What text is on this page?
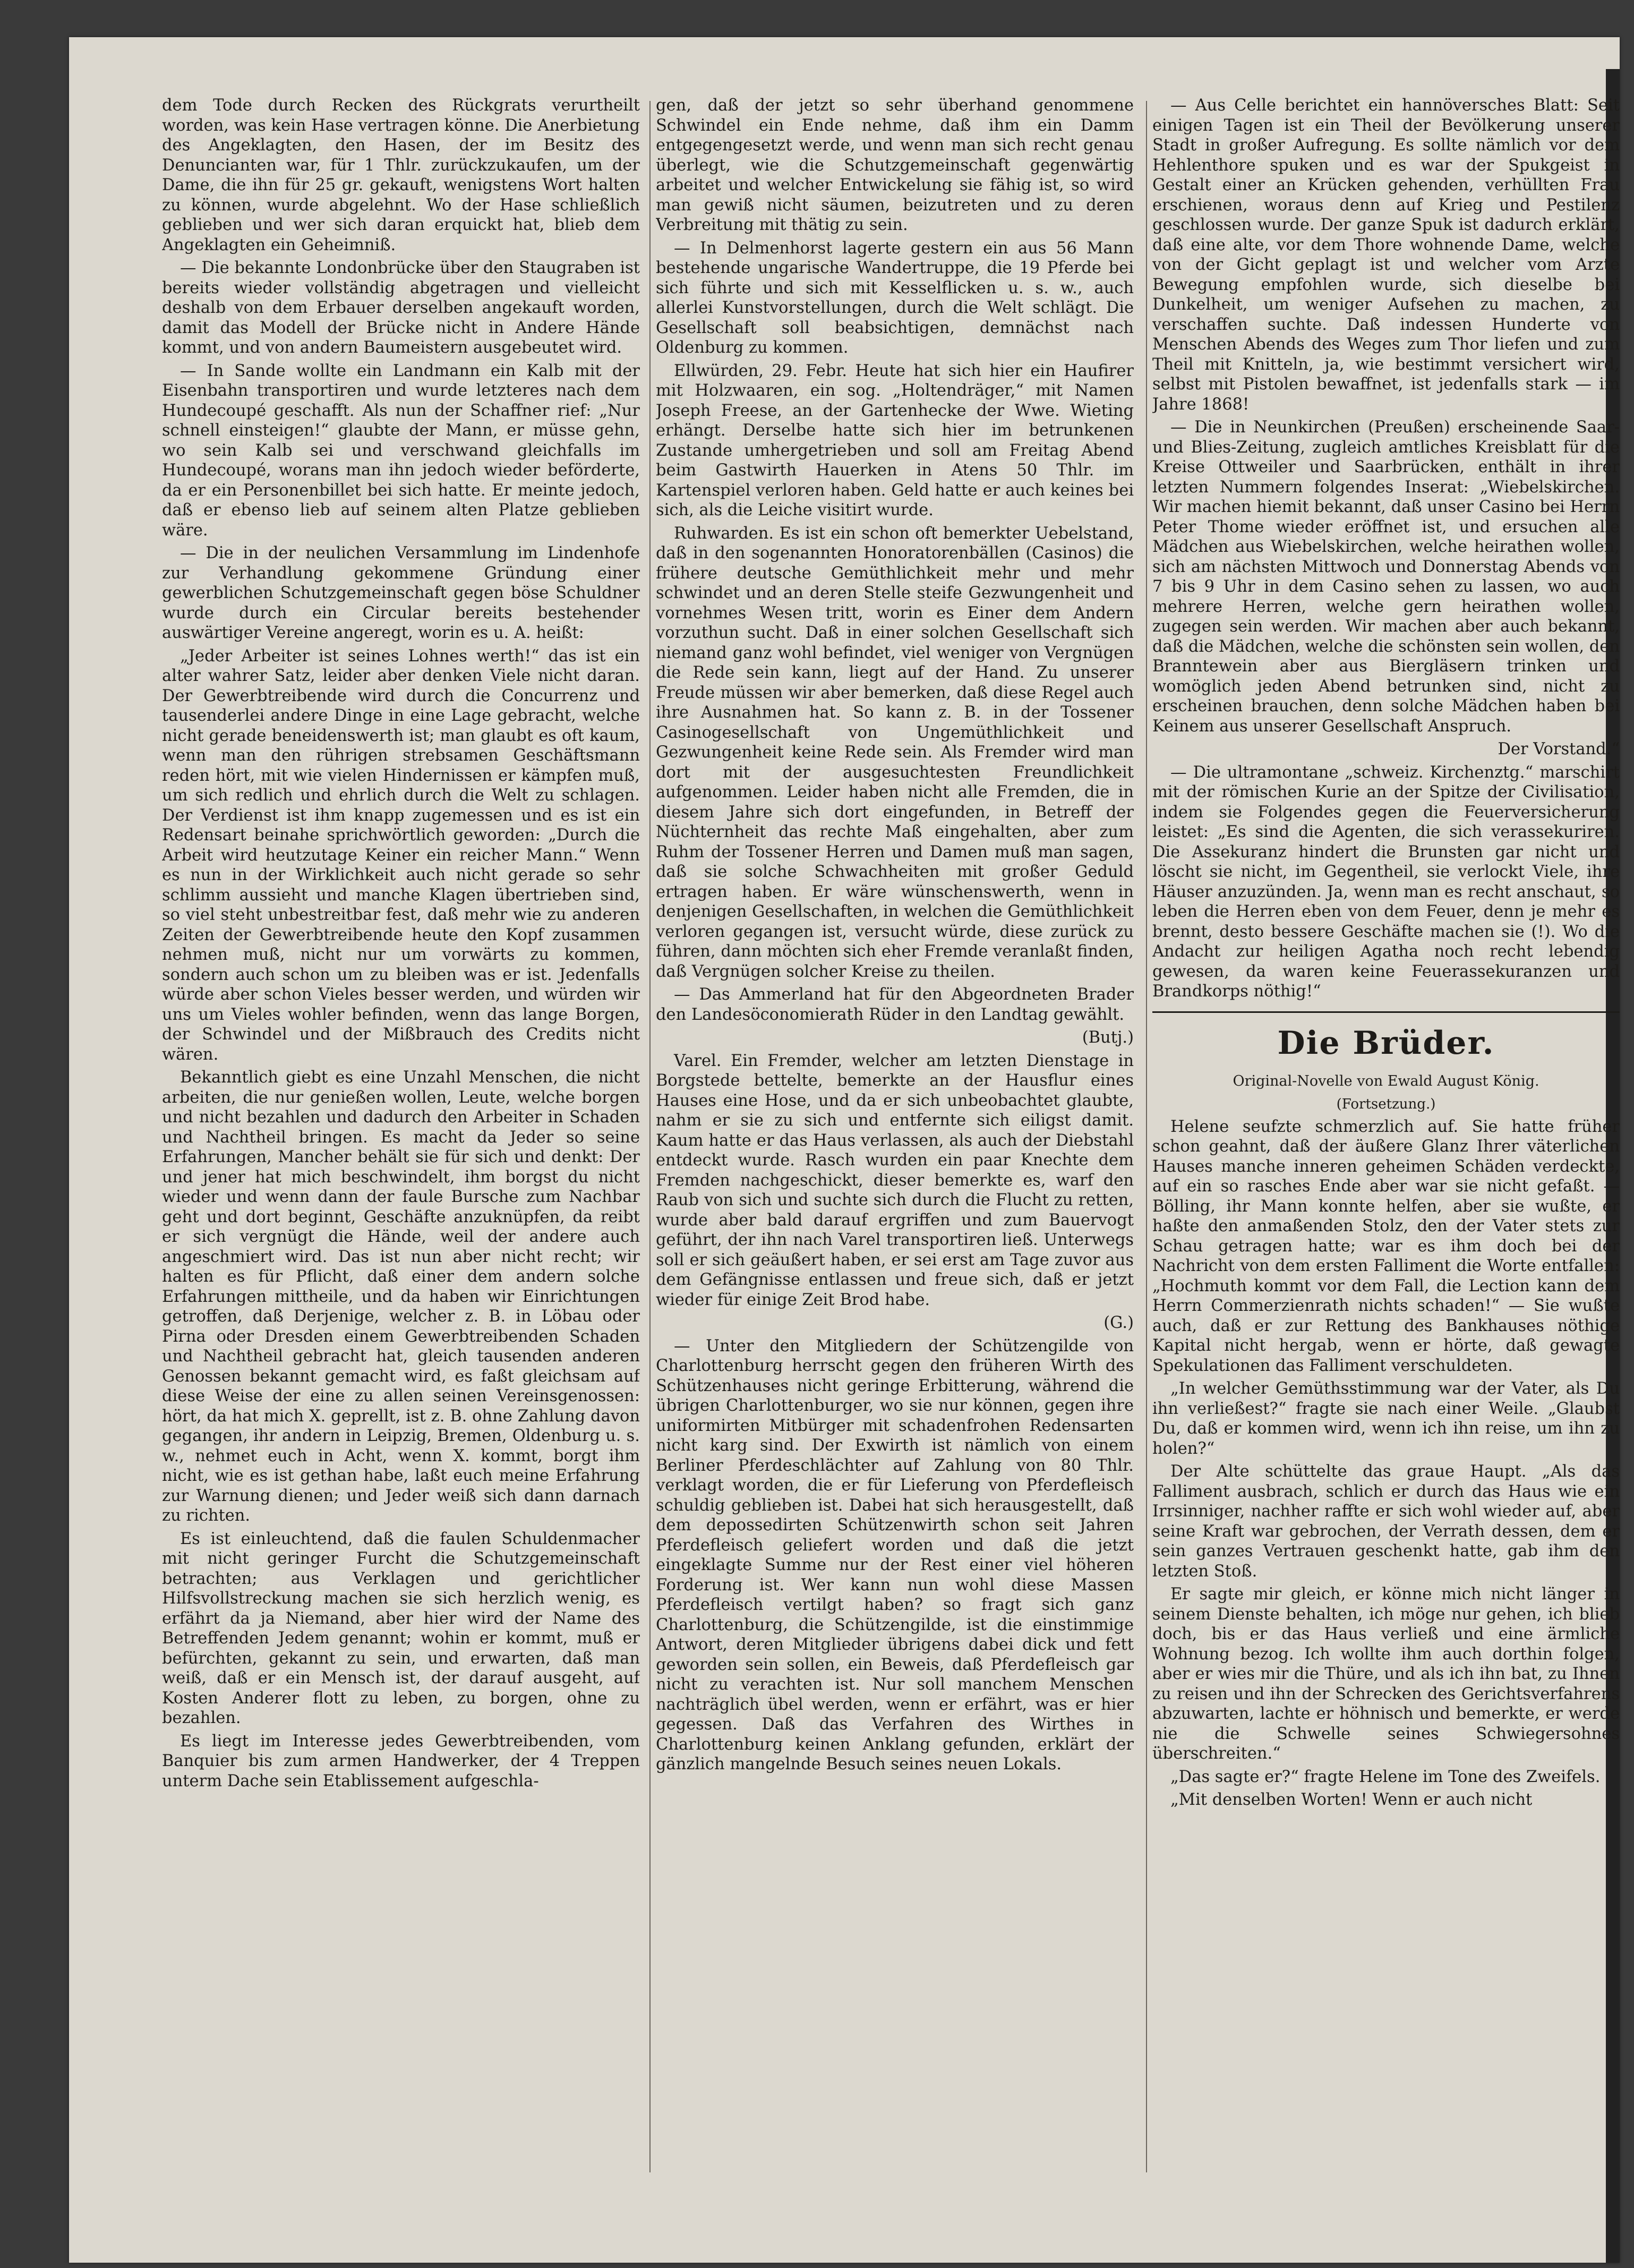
dem Tode durch Recken des Rückgrats verurtheilt worden, was kein Hase vertragen könne. Die Anerbietung des Angeklagten, den Hasen, der im Besitz des Denuncianten war, für 1 Thlr. zurückzukaufen, um der Dame, die ihn für 25 gr. gekauft, wenigstens Wort halten zu können, wurde abgelehnt. Wo der Hase schließlich geblieben und wer sich daran erquickt hat, blieb dem Angeklagten ein Geheimniß.

— Die bekannte Londonbrücke über den Staugraben ist bereits wieder vollständig abgetragen und vielleicht deshalb von dem Erbauer derselben angekauft worden, damit das Modell der Brücke nicht in Andere Hände kommt, und von andern Baumeistern ausgebeutet wird.

— In Sande wollte ein Landmann ein Kalb mit der Eisenbahn transportiren und wurde letzteres nach dem Hundecoupé geschafft. Als nun der Schaffner rief: „Nur schnell einsteigen!“ glaubte der Mann, er müsse gehn, wo sein Kalb sei und verschwand gleichfalls im Hundecoupé, worans man ihn jedoch wieder beförderte, da er ein Personenbillet bei sich hatte. Er meinte jedoch, daß er ebenso lieb auf seinem alten Platze geblieben wäre.

— Die in der neulichen Versammlung im Lindenhofe zur Verhandlung gekommene Gründung einer gewerblichen Schutzgemeinschaft gegen böse Schuldner wurde durch ein Circular bereits bestehender auswärtiger Vereine angeregt, worin es u. A. heißt:

„Jeder Arbeiter ist seines Lohnes werth!“ das ist ein alter wahrer Satz, leider aber denken Viele nicht daran. Der Gewerbtreibende wird durch die Concurrenz und tausenderlei andere Dinge in eine Lage gebracht, welche nicht gerade beneidenswerth ist; man glaubt es oft kaum, wenn man den rührigen strebsamen Geschäftsmann reden hört, mit wie vielen Hindernissen er kämpfen muß, um sich redlich und ehrlich durch die Welt zu schlagen. Der Verdienst ist ihm knapp zugemessen und es ist ein Redensart beinahe sprichwörtlich geworden: „Durch die Arbeit wird heutzutage Keiner ein reicher Mann.“ Wenn es nun in der Wirklichkeit auch nicht gerade so sehr schlimm aussieht und manche Klagen übertrieben sind, so viel steht unbestreitbar fest, daß mehr wie zu anderen Zeiten der Gewerbtreibende heute den Kopf zusammen nehmen muß, nicht nur um vorwärts zu kommen, sondern auch schon um zu bleiben was er ist. Jedenfalls würde aber schon Vieles besser werden, und würden wir uns um Vieles wohler befinden, wenn das lange Borgen, der Schwindel und der Mißbrauch des Credits nicht wären.

Bekanntlich giebt es eine Unzahl Menschen, die nicht arbeiten, die nur genießen wollen, Leute, welche borgen und nicht bezahlen und dadurch den Arbeiter in Schaden und Nachtheil bringen. Es macht da Jeder so seine Erfahrungen, Mancher behält sie für sich und denkt: Der und jener hat mich beschwindelt, ihm borgst du nicht wieder und wenn dann der faule Bursche zum Nachbar geht und dort beginnt, Geschäfte anzuknüpfen, da reibt er sich vergnügt die Hände, weil der andere auch angeschmiert wird. Das ist nun aber nicht recht; wir halten es für Pflicht, daß einer dem andern solche Erfahrungen mittheile, und da haben wir Einrichtungen getroffen, daß Derjenige, welcher z. B. in Löbau oder Pirna oder Dresden einem Gewerbtreibenden Schaden und Nachtheil gebracht hat, gleich tausenden anderen Genossen bekannt gemacht wird, es faßt gleichsam auf diese Weise der eine zu allen seinen Vereinsgenossen: hört, da hat mich X. geprellt, ist z. B. ohne Zahlung davon gegangen, ihr andern in Leipzig, Bremen, Oldenburg u. s. w., nehmet euch in Acht, wenn X. kommt, borgt ihm nicht, wie es ist gethan habe, laßt euch meine Erfahrung zur Warnung dienen; und Jeder weiß sich dann darnach zu richten.

Es ist einleuchtend, daß die faulen Schuldenmacher mit nicht geringer Furcht die Schutzgemeinschaft betrachten; aus Verklagen und gerichtlicher Hilfsvollstreckung machen sie sich herzlich wenig, es erfährt da ja Niemand, aber hier wird der Name des Betreffenden Jedem genannt; wohin er kommt, muß er befürchten, gekannt zu sein, und erwarten, daß man weiß, daß er ein Mensch ist, der darauf ausgeht, auf Kosten Anderer flott zu leben, zu borgen, ohne zu bezahlen.

Es liegt im Interesse jedes Gewerbtreibenden, vom Banquier bis zum armen Handwerker, der 4 Treppen unterm Dache sein Etablissement aufgeschla-

gen, daß der jetzt so sehr überhand genommene Schwindel ein Ende nehme, daß ihm ein Damm entgegengesetzt werde, und wenn man sich recht genau überlegt, wie die Schutzgemeinschaft gegenwärtig arbeitet und welcher Entwickelung sie fähig ist, so wird man gewiß nicht säumen, beizutreten und zu deren Verbreitung mit thätig zu sein.

— In Delmenhorst lagerte gestern ein aus 56 Mann bestehende ungarische Wandertruppe, die 19 Pferde bei sich führte und sich mit Kesselflicken u. s. w., auch allerlei Kunstvorstellungen, durch die Welt schlägt. Die Gesellschaft soll beabsichtigen, demnächst nach Oldenburg zu kommen.

Ellwürden, 29. Febr. Heute hat sich hier ein Haufirer mit Holzwaaren, ein sog. „Holtendräger,“ mit Namen Joseph Freese, an der Gartenhecke der Wwe. Wieting erhängt. Derselbe hatte sich hier im betrunkenen Zustande umhergetrieben und soll am Freitag Abend beim Gastwirth Hauerken in Atens 50 Thlr. im Kartenspiel verloren haben. Geld hatte er auch keines bei sich, als die Leiche visitirt wurde.

Ruhwarden. Es ist ein schon oft bemerkter Uebelstand, daß in den sogenannten Honoratorenbällen (Casinos) die frühere deutsche Gemüthlichkeit mehr und mehr schwindet und an deren Stelle steife Gezwungenheit und vornehmes Wesen tritt, worin es Einer dem Andern vorzuthun sucht. Daß in einer solchen Gesellschaft sich niemand ganz wohl befindet, viel weniger von Vergnügen die Rede sein kann, liegt auf der Hand. Zu unserer Freude müssen wir aber bemerken, daß diese Regel auch ihre Ausnahmen hat. So kann z. B. in der Tossener Casinogesellschaft von Ungemüthlichkeit und Gezwungenheit keine Rede sein. Als Fremder wird man dort mit der ausgesuchtesten Freundlichkeit aufgenommen. Leider haben nicht alle Fremden, die in diesem Jahre sich dort eingefunden, in Betreff der Nüchternheit das rechte Maß eingehalten, aber zum Ruhm der Tossener Herren und Damen muß man sagen, daß sie solche Schwachheiten mit großer Geduld ertragen haben. Er wäre wünschenswerth, wenn in denjenigen Gesellschaften, in welchen die Gemüthlichkeit verloren gegangen ist, versucht würde, diese zurück zu führen, dann möchten sich eher Fremde veranlaßt finden, daß Vergnügen solcher Kreise zu theilen.

— Das Ammerland hat für den Abgeordneten Brader den Landesöconomierath Rüder in den Landtag gewählt.

(Butj.)

Varel. Ein Fremder, welcher am letzten Dienstage in Borgstede bettelte, bemerkte an der Hausflur eines Hauses eine Hose, und da er sich unbeobachtet glaubte, nahm er sie zu sich und entfernte sich eiligst damit. Kaum hatte er das Haus verlassen, als auch der Diebstahl entdeckt wurde. Rasch wurden ein paar Knechte dem Fremden nachgeschickt, dieser bemerkte es, warf den Raub von sich und suchte sich durch die Flucht zu retten, wurde aber bald darauf ergriffen und zum Bauervogt geführt, der ihn nach Varel transportiren ließ. Unterwegs soll er sich geäußert haben, er sei erst am Tage zuvor aus dem Gefängnisse entlassen und freue sich, daß er jetzt wieder für einige Zeit Brod habe.

(G.)

— Unter den Mitgliedern der Schützengilde von Charlottenburg herrscht gegen den früheren Wirth des Schützenhauses nicht geringe Erbitterung, während die übrigen Charlottenburger, wo sie nur können, gegen ihre uniformirten Mitbürger mit schadenfrohen Redensarten nicht karg sind. Der Exwirth ist nämlich von einem Berliner Pferdeschlächter auf Zahlung von 80 Thlr. verklagt worden, die er für Lieferung von Pferdefleisch schuldig geblieben ist. Dabei hat sich herausgestellt, daß dem depossedirten Schützenwirth schon seit Jahren Pferdefleisch geliefert worden und daß die jetzt eingeklagte Summe nur der Rest einer viel höheren Forderung ist. Wer kann nun wohl diese Massen Pferdefleisch vertilgt haben? so fragt sich ganz Charlottenburg, die Schützengilde, ist die einstimmige Antwort, deren Mitglieder übrigens dabei dick und fett geworden sein sollen, ein Beweis, daß Pferdefleisch gar nicht zu verachten ist. Nur soll manchem Menschen nachträglich übel werden, wenn er erfährt, was er hier gegessen. Daß das Verfahren des Wirthes in Charlottenburg keinen Anklang gefunden, erklärt der gänzlich mangelnde Besuch seines neuen Lokals.

— Aus Celle berichtet ein hannöversches Blatt: Seit einigen Tagen ist ein Theil der Bevölkerung unserer Stadt in großer Aufregung. Es sollte nämlich vor dem Hehlenthore spuken und es war der Spukgeist in Gestalt einer an Krücken gehenden, verhüllten Frau erschienen, woraus denn auf Krieg und Pestilenz geschlossen wurde. Der ganze Spuk ist dadurch erklärt, daß eine alte, vor dem Thore wohnende Dame, welche von der Gicht geplagt ist und welcher vom Arzte Bewegung empfohlen wurde, sich dieselbe bei Dunkelheit, um weniger Aufsehen zu machen, zu verschaffen suchte. Daß indessen Hunderte von Menschen Abends des Weges zum Thor liefen und zum Theil mit Knitteln, ja, wie bestimmt versichert wird, selbst mit Pistolen bewaffnet, ist jedenfalls stark — im Jahre 1868!

— Die in Neunkirchen (Preußen) erscheinende Saar- und Blies-Zeitung, zugleich amtliches Kreisblatt für die Kreise Ottweiler und Saarbrücken, enthält in ihrer letzten Nummern folgendes Inserat: „Wiebelskirchen. Wir machen hiemit bekannt, daß unser Casino bei Herrn Peter Thome wieder eröffnet ist, und ersuchen alle Mädchen aus Wiebelskirchen, welche heirathen wollen, sich am nächsten Mittwoch und Donnerstag Abends von 7 bis 9 Uhr in dem Casino sehen zu lassen, wo auch mehrere Herren, welche gern heirathen wollen, zugegen sein werden. Wir machen aber auch bekannt, daß die Mädchen, welche die schönsten sein wollen, den Branntewein aber aus Biergläsern trinken und womöglich jeden Abend betrunken sind, nicht zu erscheinen brauchen, denn solche Mädchen haben bei Keinem aus unserer Gesellschaft Anspruch.

Der Vorstand.“

— Die ultramontane „schweiz. Kirchenztg.“ marschirt mit der römischen Kurie an der Spitze der Civilisation, indem sie Folgendes gegen die Feuerversicherung leistet: „Es sind die Agenten, die sich verassekuriren. Die Assekuranz hindert die Brunsten gar nicht und löscht sie nicht, im Gegentheil, sie verlockt Viele, ihre Häuser anzuzünden. Ja, wenn man es recht anschaut, so leben die Herren eben von dem Feuer, denn je mehr es brennt, desto bessere Geschäfte machen sie (!). Wo die Andacht zur heiligen Agatha noch recht lebendig gewesen, da waren keine Feuerassekuranzen und Brandkorps nöthig!“

Die Brüder.

Original-Novelle von Ewald August König.

(Fortsetzung.)

Helene seufzte schmerzlich auf. Sie hatte früher schon geahnt, daß der äußere Glanz Ihrer väterlichen Hauses manche inneren geheimen Schäden verdeckte, auf ein so rasches Ende aber war sie nicht gefaßt. — Bölling, ihr Mann konnte helfen, aber sie wußte, er haßte den anmaßenden Stolz, den der Vater stets zur Schau getragen hatte; war es ihm doch bei der Nachricht von dem ersten Falliment die Worte entfallen: „Hochmuth kommt vor dem Fall, die Lection kann dem Herrn Commerzienrath nichts schaden!“ — Sie wußte auch, daß er zur Rettung des Bankhauses nöthige Kapital nicht hergab, wenn er hörte, daß gewagte Spekulationen das Falliment verschuldeten.

„In welcher Gemüthsstimmung war der Vater, als Du ihn verließest?“ fragte sie nach einer Weile. „Glaubst Du, daß er kommen wird, wenn ich ihn reise, um ihn zu holen?“

Der Alte schüttelte das graue Haupt. „Als das Falliment ausbrach, schlich er durch das Haus wie ein Irrsinniger, nachher raffte er sich wohl wieder auf, aber seine Kraft war gebrochen, der Verrath dessen, dem er sein ganzes Vertrauen geschenkt hatte, gab ihm den letzten Stoß.

Er sagte mir gleich, er könne mich nicht länger in seinem Dienste behalten, ich möge nur gehen, ich blieb doch, bis er das Haus verließ und eine ärmliche Wohnung bezog. Ich wollte ihm auch dorthin folgen, aber er wies mir die Thüre, und als ich ihn bat, zu Ihnen zu reisen und ihn der Schrecken des Gerichtsverfahrens abzuwarten, lachte er höhnisch und bemerkte, er werde nie die Schwelle seines Schwiegersohnes überschreiten.“

„Das sagte er?“ fragte Helene im Tone des Zweifels.

„Mit denselben Worten! Wenn er auch nicht
